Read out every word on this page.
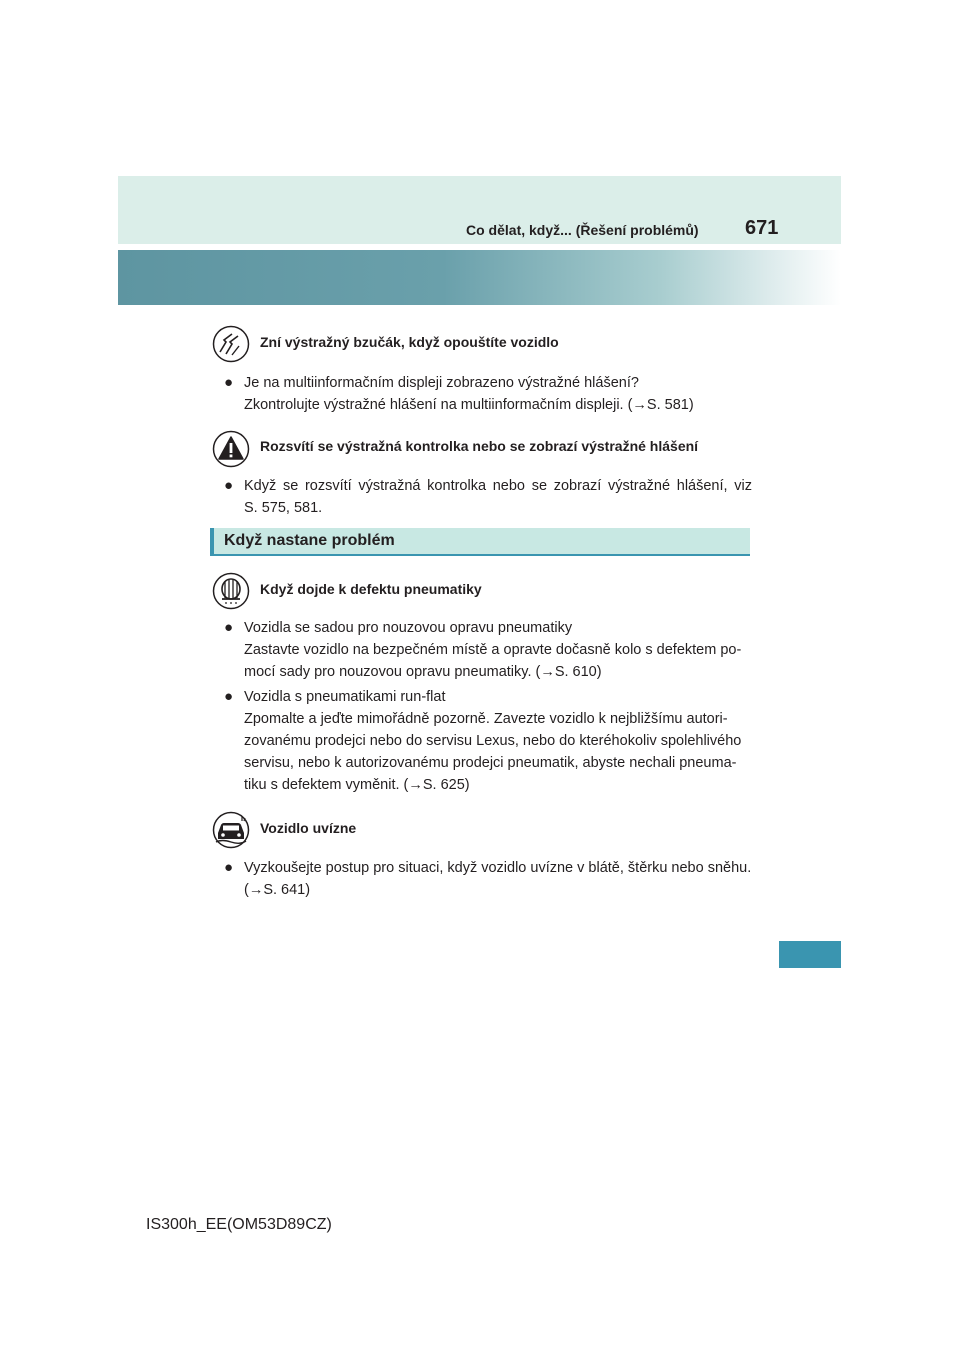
Co dělat, když... (Řešení problémů) 671
Zní výstražný bzučák, když opouštíte vozidlo
● Je na multiinformačním displeji zobrazeno výstražné hlášení?
Zkontrolujte výstražné hlášení na multiinformačním displeji. (→S. 581)
Rozsvítí se výstražná kontrolka nebo se zobrazí výstražné hlášení
● Když se rozsvítí výstražná kontrolka nebo se zobrazí výstražné hlášení, viz
S. 575, 581.
Když nastane problém
Když dojde k defektu pneumatiky
● Vozidla se sadou pro nouzovou opravu pneumatiky
Zastavte vozidlo na bezpečném místě a opravte dočasně kolo s defektem po-
mocí sady pro nouzovou opravu pneumatiky. (→S. 610)
● Vozidla s pneumatikami run-flat
Zpomalte a jeďte mimořádně pozorně. Zavezte vozidlo k nejbližšímu autori-
zovanému prodejci nebo do servisu Lexus, nebo do kteréhokoliv spolehlivého
servisu, nebo k autorizovanému prodejci pneumatik, abyste nechali pneuma-
tiku s defektem vyměnit. (→S. 625)
Vozidlo uvízne
● Vyzkoušejte postup pro situaci, když vozidlo uvízne v blátě, štěrku nebo sněhu.
(→S. 641)
IS300h_EE(OM53D89CZ)
